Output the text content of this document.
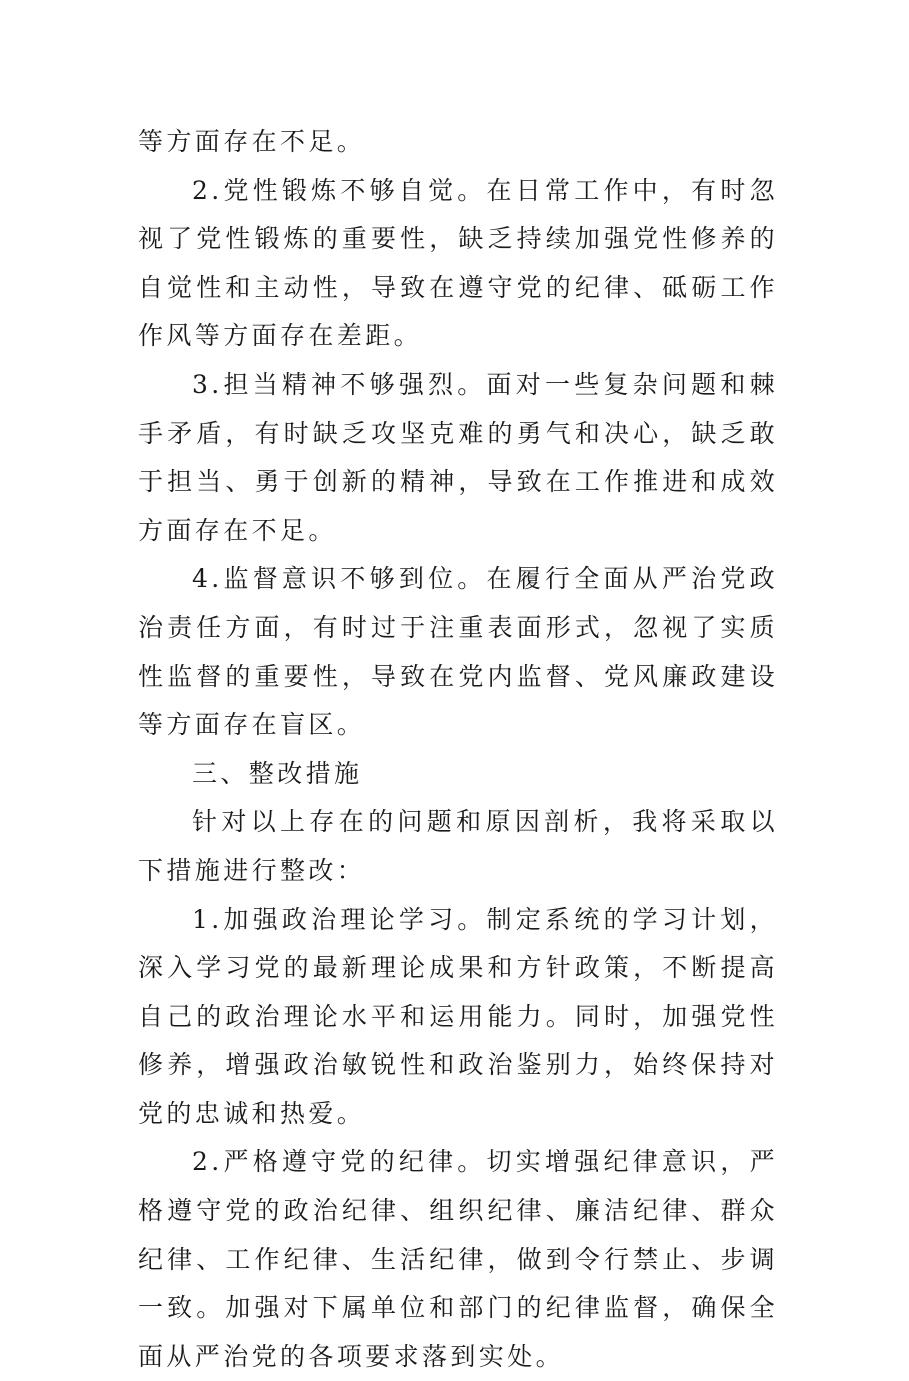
等方面存在不足。

2.党性锻炼不够自觉。在日常工作中，有时忽视了党性锻炼的重要性，缺乏持续加强党性修养的自觉性和主动性，导致在遵守党的纪律、砥砺工作作风等方面存在差距。

3.担当精神不够强烈。面对一些复杂问题和棘手矛盾，有时缺乏攻坚克难的勇气和决心，缺乏敢于担当、勇于创新的精神，导致在工作推进和成效方面存在不足。

4.监督意识不够到位。在履行全面从严治党政治责任方面，有时过于注重表面形式，忽视了实质性监督的重要性，导致在党内监督、党风廉政建设等方面存在盲区。

三、整改措施

针对以上存在的问题和原因剖析，我将采取以下措施进行整改：

1.加强政治理论学习。制定系统的学习计划，深入学习党的最新理论成果和方针政策，不断提高自己的政治理论水平和运用能力。同时，加强党性修养，增强政治敏锐性和政治鉴别力，始终保持对党的忠诚和热爱。

2.严格遵守党的纪律。切实增强纪律意识，严格遵守党的政治纪律、组织纪律、廉洁纪律、群众纪律、工作纪律、生活纪律，做到令行禁止、步调一致。加强对下属单位和部门的纪律监督，确保全面从严治党的各项要求落到实处。
